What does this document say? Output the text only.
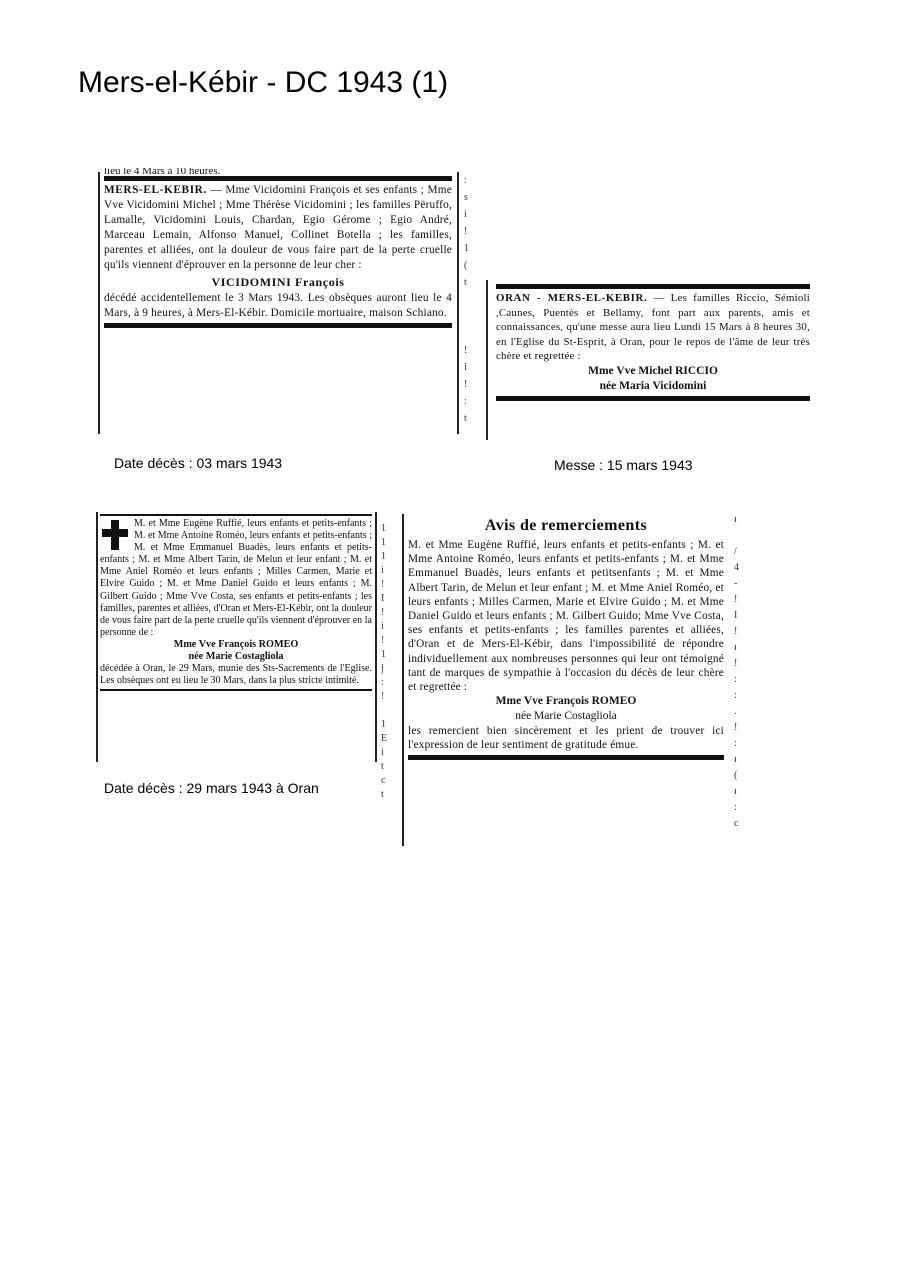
Mers-el-Kébir - DC 1943 (1)
lieu le 4 Mars à 10 heures.

MERS-EL-KEBIR. — Mme Vicidomini François et ses enfants ; Mme Vve Vicidomini Michel ; Mme Thérèse Vicidomini ; les familles Përuffo, Lamalle, Vicidomini Louis, Chardan, Egio Gérome ; Egio André, Marceau Lemain, Alfonso Manuel, Collinet Botella ; les familles, parentes et alliées, ont la douleur de vous faire part de la perte cruelle qu'ils viennent d'éprouver en la personne de leur cher :

VICIDOMINI François

décédé accidentellement le 3 Mars 1943. Les obsèques auront lieu le 4 Mars, à 9 heures, à Mers-El-Kébir. Domicile mortuaire, maison Schiano.

:
s
i
!
1
(
t

!
i
!
:
t
Date décès : 03 mars 1943

ORAN - MERS-EL-KEBIR. — Les familles Riccio, Sémioli ,Caunes, Puentès et Bellamy, font part aux parents, amis et connaissances, qu'une messe aura lieu Lundi 15 Mars à 8 heures 30, en l'Eglise du St-Esprit, à Oran, pour le repos de l'âme de leur très chère et regrettée :

Mme Vve Michel RICCIO
née Maria Vicidomini
Messe : 15 mars 1943

M. et Mme Eugène Ruffié, leurs enfants et petits-enfants ; M. et Mme Antoine Roméo, leurs enfants et petits-enfants ; M. et Mme Emmanuel Buadès, leurs enfants et petits-enfants ; M. et Mme Albert Tarin, de Melun et leur enfant ; M. et Mme Aniel Roméo et leurs enfants ; Milles Carmen, Marie et Elvire Guido ; M. et Mme Daniel Guido et leurs enfants ; M. Gilbert Guido ; Mme Vve Costa, ses enfants et petits-enfants ; les familles, parentes et alliées, d'Oran et Mers-El-Kébir, ont la douleur de vous faire part de la perte cruelle qu'ils viennent d'éprouver en la personne de :

Mme Vve François ROMEO
née Marie Costagliola

décédée à Oran, le 29 Mars, munie des Sts-Sacrements de l'Eglise. Les obsèques ont eu lieu le 30 Mars, dans la plus stricte intimité.

1
1
1
i
!
I
!
i
!
1
j
:
!

1
E
i
t
c
t
Date décès : 29 mars 1943 à Oran
Avis de remerciements

M. et Mme Eugène Ruffié, leurs enfants et petits-enfants ; M. et Mme Antoine Roméo, leurs enfants et petits-enfants ; M. et Mme Emmanuel Buadès, leurs enfants et petitsenfants ; M. et Mme Albert Tarin, de Melun et leur enfant ; M. et Mme Aniel Roméo, et leurs enfants ; Milles Carmen, Marie et Elvire Guido ; M. et Mme Daniel Guido et leurs enfants ; M. Gilbert Guido; Mme Vve Costa, ses enfants et petits-enfants ; les familles parentes et alliées, d'Oran et de Mers-El-Kébir, dans l'impossibilité de répondre individuellement aux nombreuses personnes qui leur ont témoigné tant de marques de sympathie à l'occasion du décès de leur chère et regrettée :

Mme Vve François ROMEO
née Marie Costagliola

les remercient bien sincèrement et les prient de trouver ici l'expression de leur sentiment de gratitude émue.

ı

/
4
-
!
I
!
ı
!
:
:
.
!
:
ı
(
ı
:
c
